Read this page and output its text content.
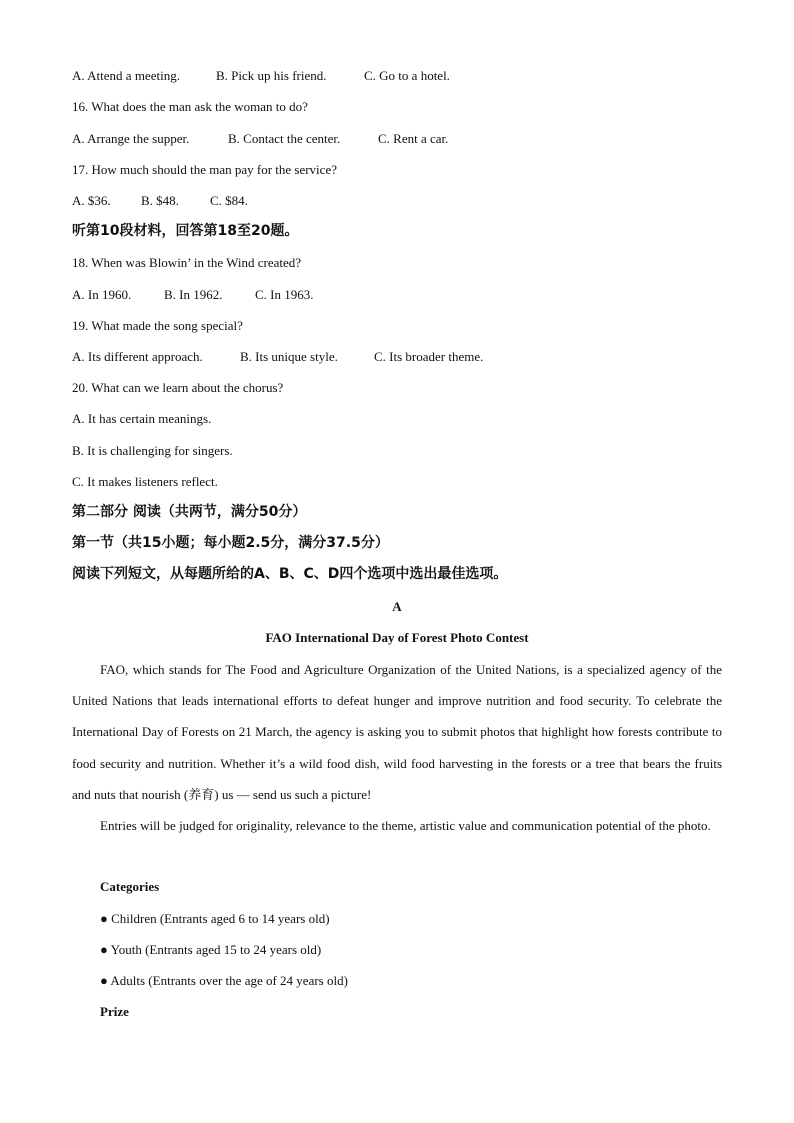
A. Attend a meeting.	B. Pick up his friend.	C. Go to a hotel.
16. What does the man ask the woman to do?
A. Arrange the supper.	B. Contact the center.	C. Rent a car.
17. How much should the man pay for the service?
A. $36. B. $48. C. $84.
听第10段材料，回答第18至20题。
18. When was Blowin’ in the Wind created?
A. In 1960.	B. In 1962.	C. In 1963.
19. What made the song special?
A. Its different approach.	B. Its unique style.	C. Its broader theme.
20. What can we learn about the chorus?
A. It has certain meanings.
B. It is challenging for singers.
C. It makes listeners reflect.
第二部分 阅读（共两节，满分50分）
第一节（共15小题；每小题2.5分，满分37.5分）
阅读下列短文，从每题所给的A、B、C、D四个选项中选出最佳选项。
A
FAO International Day of Forest Photo Contest
FAO, which stands for The Food and Agriculture Organization of the United Nations, is a specialized agency of the United Nations that leads international efforts to defeat hunger and improve nutrition and food security. To celebrate the International Day of Forests on 21 March, the agency is asking you to submit photos that highlight how forests contribute to food security and nutrition. Whether it’s a wild food dish, wild food harvesting in the forests or a tree that bears the fruits and nuts that nourish (养育) us — send us such a picture!
Entries will be judged for originality, relevance to the theme, artistic value and communication potential of the photo.
Categories
● Children (Entrants aged 6 to 14 years old)
● Youth (Entrants aged 15 to 24 years old)
● Adults (Entrants over the age of 24 years old)
Prize
